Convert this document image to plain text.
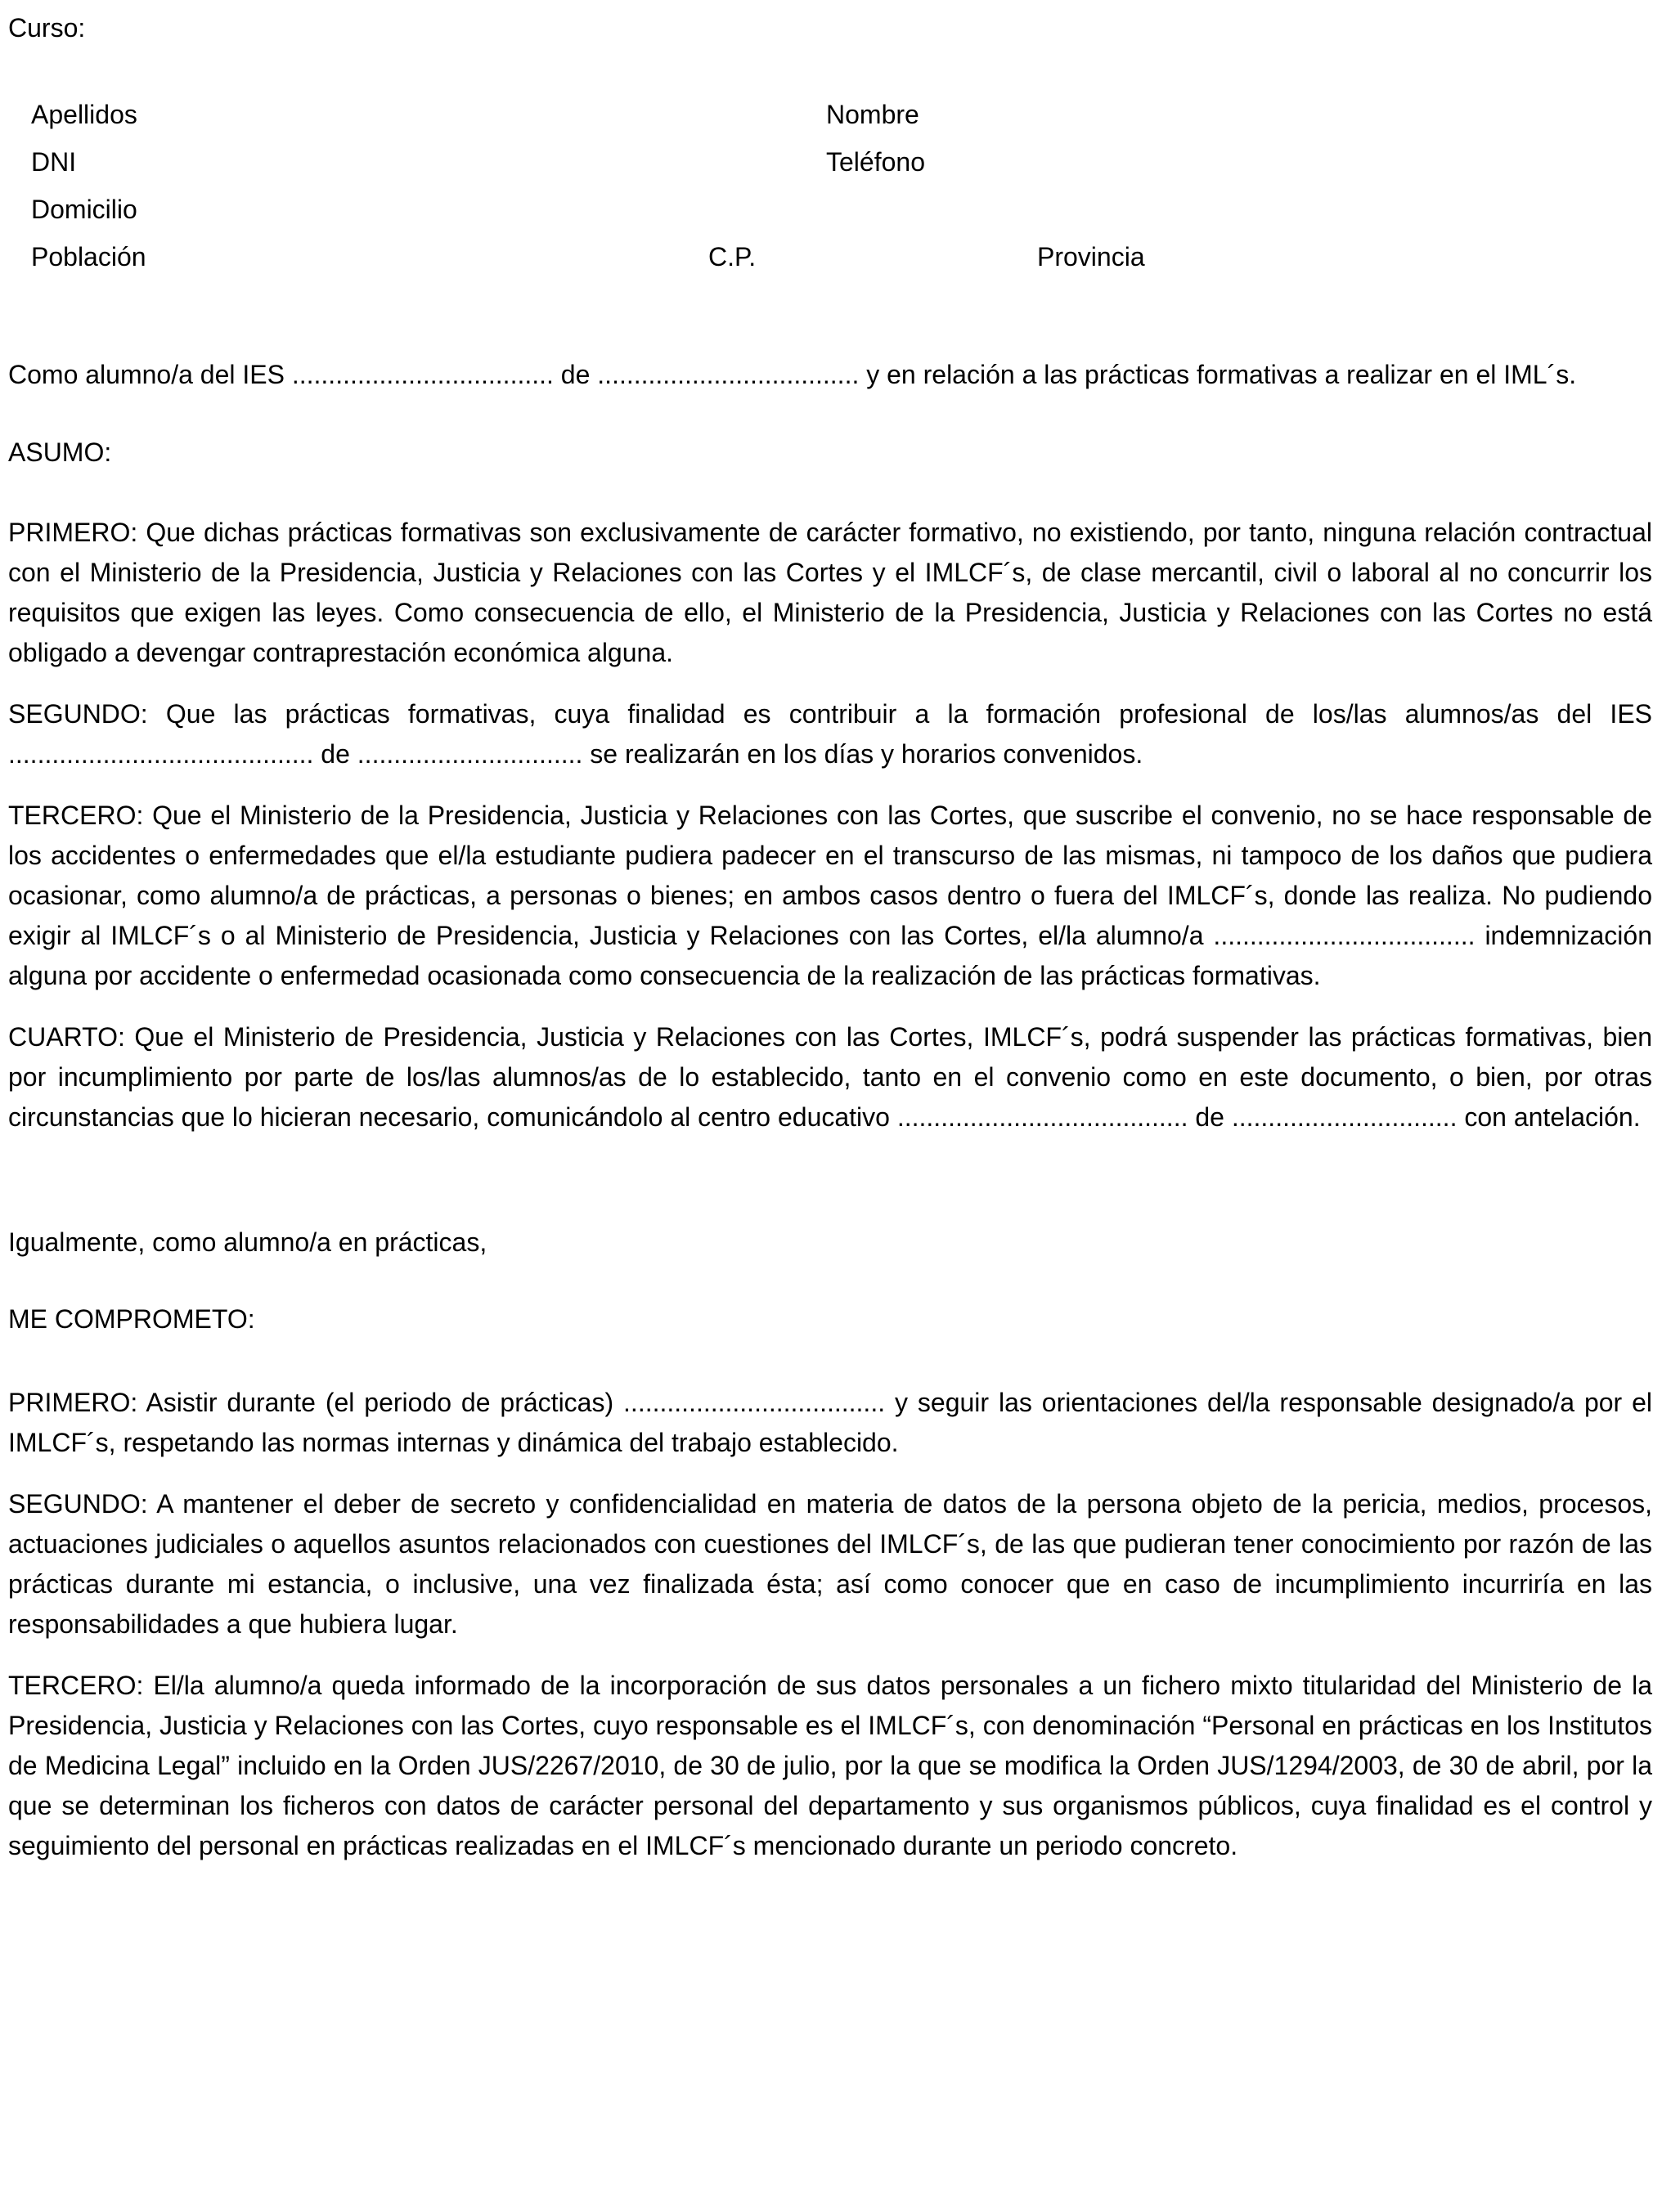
Curso:
Apellidos	Nombre
DNI	Teléfono
Domicilio
Población	C.P.	Provincia

Como alumno/a del IES .................................... de .................................... y en relación a las prácticas formativas a realizar en el IML´s.

ASUMO:

PRIMERO: Que dichas prácticas formativas son exclusivamente de carácter formativo, no existiendo, por tanto, ninguna relación contractual con el Ministerio de la Presidencia, Justicia y Relaciones con las Cortes y el IMLCF´s, de clase mercantil, civil o laboral al no concurrir los requisitos que exigen las leyes. Como consecuencia de ello, el Ministerio de la Presidencia, Justicia y Relaciones con las Cortes no está obligado a devengar contraprestación económica alguna.

SEGUNDO: Que las prácticas formativas, cuya finalidad es contribuir a la formación profesional de los/las alumnos/as del IES .......................................... de ............................... se realizarán en los días y horarios convenidos.

TERCERO: Que el Ministerio de la Presidencia, Justicia y Relaciones con las Cortes, que suscribe el convenio, no se hace responsable de los accidentes o enfermedades que el/la estudiante pudiera padecer en el transcurso de las mismas, ni tampoco de los daños que pudiera ocasionar, como alumno/a de prácticas, a personas o bienes; en ambos casos dentro o fuera del IMLCF´s, donde las realiza. No pudiendo exigir al IMLCF´s o al Ministerio de Presidencia, Justicia y Relaciones con las Cortes, el/la alumno/a .................................... indemnización alguna por accidente o enfermedad ocasionada como consecuencia de la realización de las prácticas formativas.

CUARTO: Que el Ministerio de Presidencia, Justicia y Relaciones con las Cortes, IMLCF´s, podrá suspender las prácticas formativas, bien por incumplimiento por parte de los/las alumnos/as de lo establecido, tanto en el convenio como en este documento, o bien, por otras circunstancias que lo hicieran necesario, comunicándolo al centro educativo ........................................ de ............................... con antelación.

Igualmente, como alumno/a en prácticas,
ME COMPROMETO:

PRIMERO: Asistir durante (el periodo de prácticas) .................................... y seguir las orientaciones del/la responsable designado/a por el IMLCF´s, respetando las normas internas y dinámica del trabajo establecido.

SEGUNDO: A mantener el deber de secreto y confidencialidad en materia de datos de la persona objeto de la pericia, medios, procesos, actuaciones judiciales o aquellos asuntos relacionados con cuestiones del IMLCF´s, de las que pudieran tener conocimiento por razón de las prácticas durante mi estancia, o inclusive, una vez finalizada ésta; así como conocer que en caso de incumplimiento incurriría en las responsabilidades a que hubiera lugar.

TERCERO: El/la alumno/a queda informado de la incorporación de sus datos personales a un fichero mixto titularidad del Ministerio de la Presidencia, Justicia y Relaciones con las Cortes, cuyo responsable es el IMLCF´s, con denominación “Personal en prácticas en los Institutos de Medicina Legal” incluido en la Orden JUS/2267/2010, de 30 de julio, por la que se modifica la Orden JUS/1294/2003, de 30 de abril, por la que se determinan los ficheros con datos de carácter personal del departamento y sus organismos públicos, cuya finalidad es el control y seguimiento del personal en prácticas realizadas en el IMLCF´s mencionado durante un periodo concreto.
